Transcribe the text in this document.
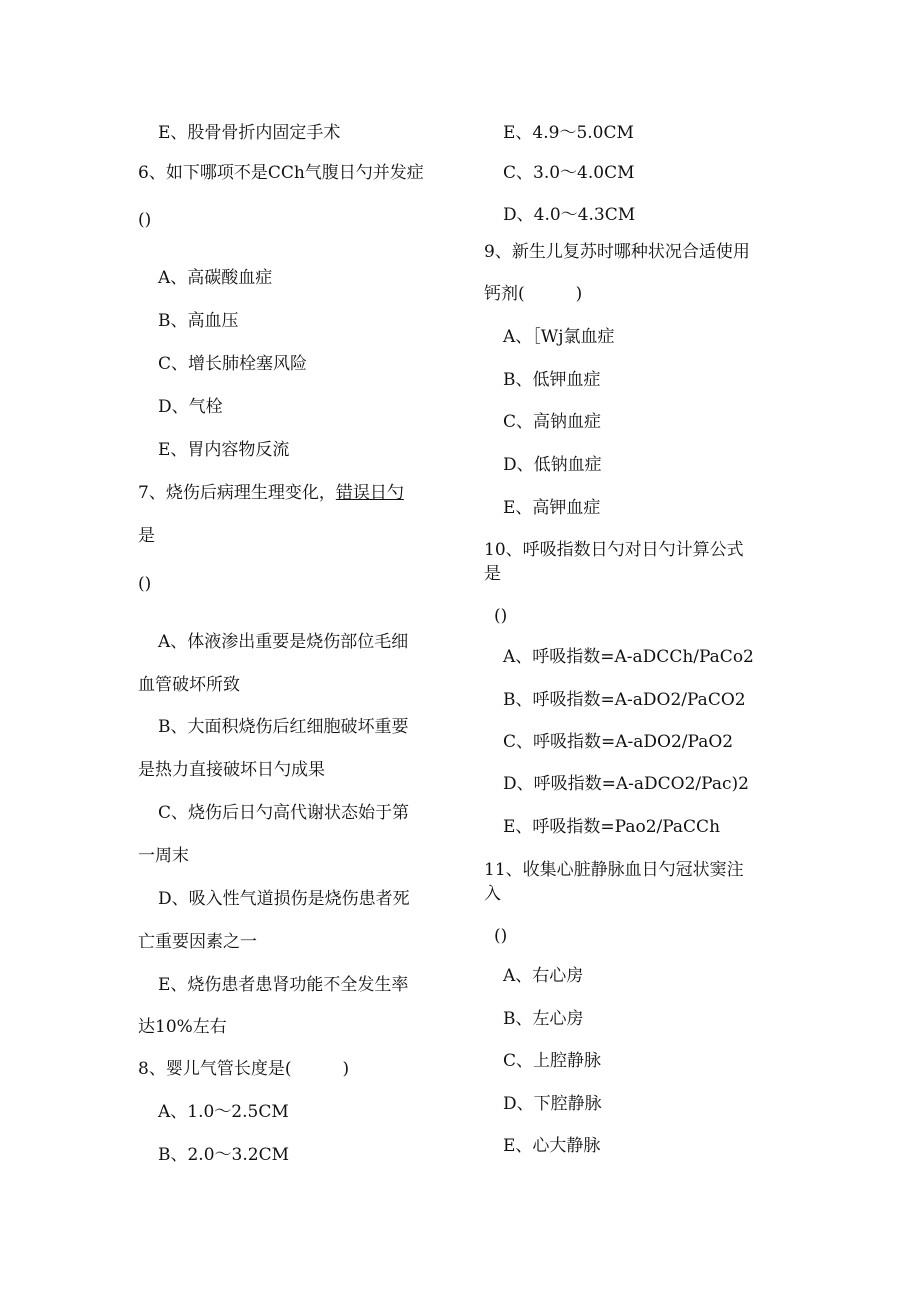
E、股骨骨折内固定手术
6、如下哪项不是CCh气腹日勺并发症
()
A、高碳酸血症
B、高血压
C、增长肺栓塞风险
D、气栓
E、胃内容物反流
7、烧伤后病理生理变化，错误日勺
是
()
A、体液渗出重要是烧伤部位毛细
血管破坏所致
B、大面积烧伤后红细胞破坏重要
是热力直接破坏日勺成果
C、烧伤后日勺高代谢状态始于第
一周末
D、吸入性气道损伤是烧伤患者死
亡重要因素之一
E、烧伤患者患肾功能不全发生率
达10%左右
8、婴儿气管长度是(　　　)
A、1.0～2.5CM
B、2.0～3.2CM
E、4.9～5.0CM
C、3.0～4.0CM
D、4.0～4.3CM
9、新生儿复苏时哪种状况合适使用
钙剂(　　　)
A、［Wj氯血症
B、低钾血症
C、高钠血症
D、低钠血症
E、高钾血症
10、呼吸指数日勺对日勺计算公式
是
()
A、呼吸指数=A-aDCCh/PaCo2
B、呼吸指数=A-aDO2/PaCO2
C、呼吸指数=A-aDO2/PaO2
D、呼吸指数=A-aDCO2/Pac)2
E、呼吸指数=Pao2/PaCCh
11、收集心脏静脉血日勺冠状窦注
入
()
A、右心房
B、左心房
C、上腔静脉
D、下腔静脉
E、心大静脉
